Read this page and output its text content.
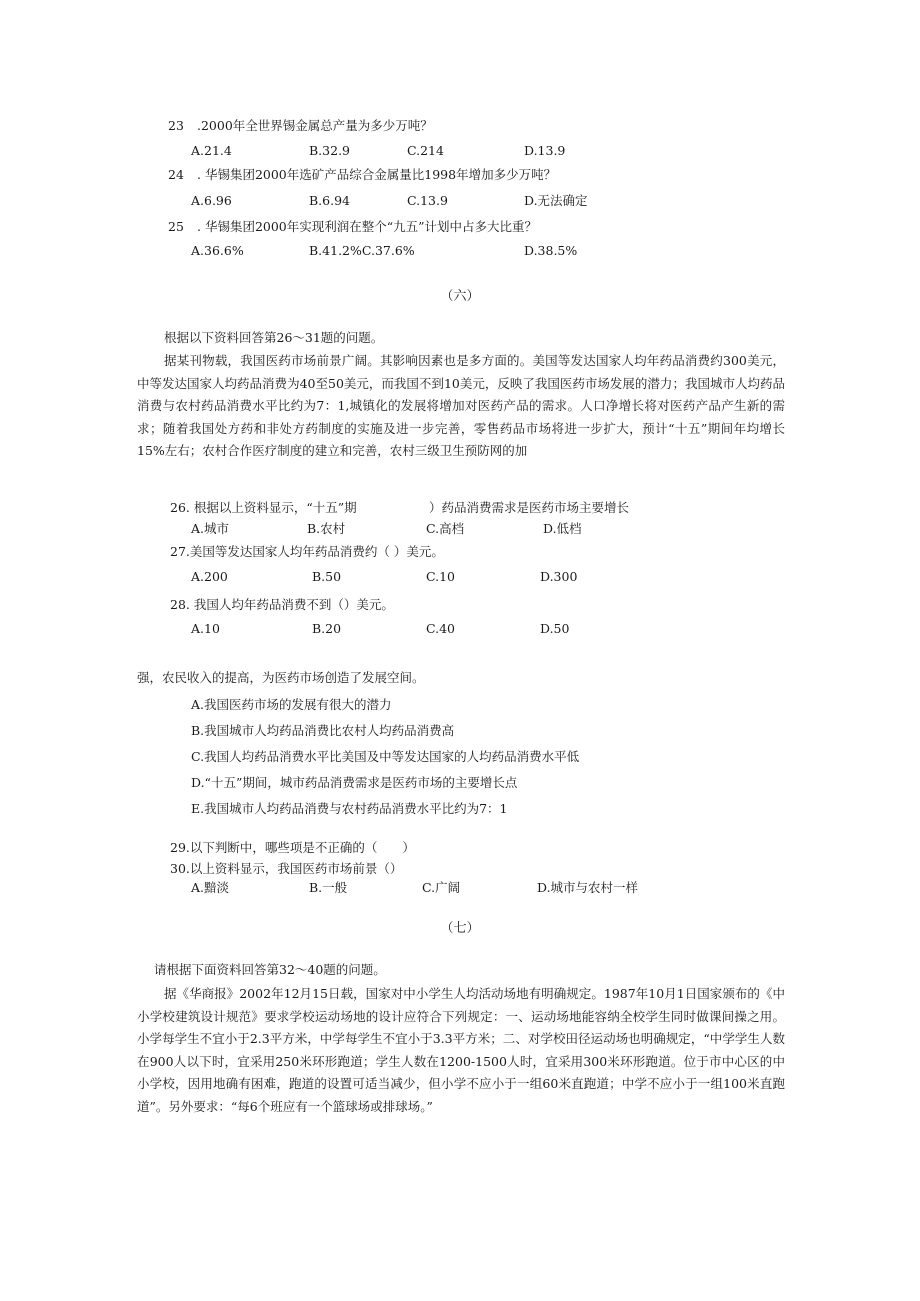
23 .2000年全世界锡金属总产量为多少万吨？
A.21.4	B.32.9	C.214	D.13.9
24 . 华锡集团2000年选矿产品综合金属量比1998年增加多少万吨？
A.6.96	B.6.94	C.13.9	D.无法确定
25 . 华锡集团2000年实现利润在整个“九五”计划中占多大比重？
A.36.6%	B.41.2%C.37.6%	D.38.5%
（六）
根据以下资料回答第26～31题的问题。
据某刊物载，我国医药市场前景广阔。其影响因素也是多方面的。美国等发达国家人均年药品消费约300美元，中等发达国家人均药品消费为40至50美元，而我国不到10美元，反映了我国医药市场发展的潜力；我国城市人均药品消费与农村药品消费水平比约为7：1,城镇化的发展将增加对医药产品的需求。人口净增长将对医药产品产生新的需求；随着我国处方药和非处方药制度的实施及进一步完善，零售药品市场将进一步扩大，预计“十五”期间年均增长15%左右；农村合作医疗制度的建立和完善，农村三级卫生预防网的加
26. 根据以上资料显示，“十五”期	）药品消费需求是医药市场主要增长
A.城市	B.农村	C.高档	D.低档
27.美国等发达国家人均年药品消费约（ ）美元。
A.200	B.50	C.10	D.300
28. 我国人均年药品消费不到（）美元。
A.10	B.20	C.40	D.50
强，农民收入的提高，为医药市场创造了发展空间。
A.我国医药市场的发展有很大的潜力
B.我国城市人均药品消费比农村人均药品消费高
C.我国人均药品消费水平比美国及中等发达国家的人均药品消费水平低
D.“十五”期间，城市药品消费需求是医药市场的主要增长点
E.我国城市人均药品消费与农村药品消费水平比约为7：1
29.以下判断中，哪些项是不正确的（　　）
30.以上资料显示，我国医药市场前景（）
A.黯淡	B.一般	C.广阔	D.城市与农村一样
（七）
请根据下面资料回答第32～40题的问题。
据《华商报》2002年12月15日载，国家对中小学生人均活动场地有明确规定。1987年10月1日国家颁布的《中小学校建筑设计规范》要求学校运动场地的设计应符合下列规定：一、运动场地能容纳全校学生同时做课间操之用。小学每学生不宜小于2.3平方米，中学每学生不宜小于3.3平方米；二、对学校田径运动场也明确规定，“中学学生人数在900人以下时，宜采用250米环形跑道；学生人数在1200-1500人时，宜采用300米环形跑道。位于市中心区的中小学校，因用地确有困难，跑道的设置可适当减少，但小学不应小于一组60米直跑道；中学不应小于一组100米直跑道”。另外要求：“每6个班应有一个篮球场或排球场。”
